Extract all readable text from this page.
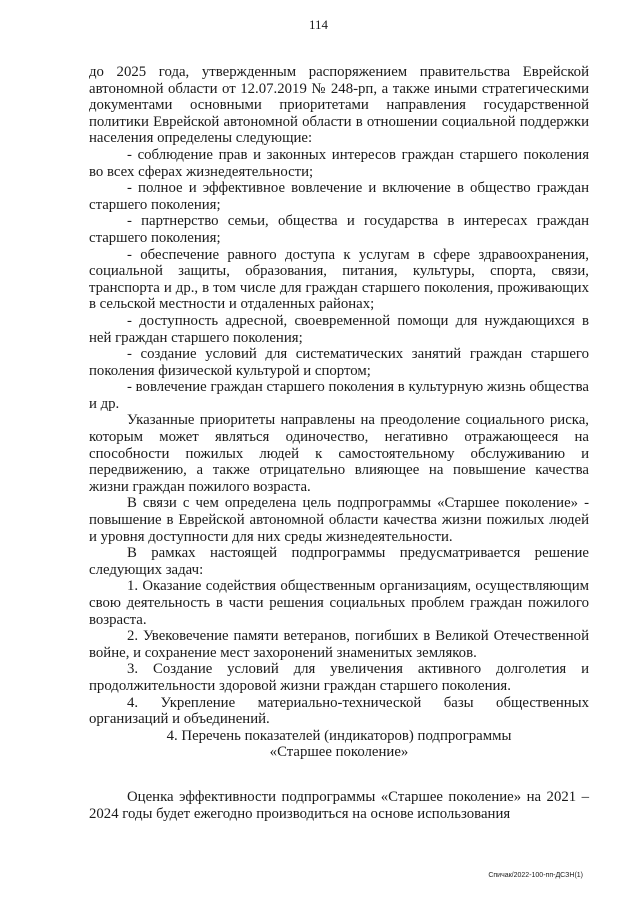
114

до 2025 года, утвержденным распоряжением правительства Еврейской автономной области от 12.07.2019 № 248-рп, а также иными стратегическими документами основными приоритетами направления государственной политики Еврейской автономной области в отношении социальной поддержки населения определены следующие:

- соблюдение прав и законных интересов граждан старшего поколения во всех сферах жизнедеятельности;

- полное и эффективное вовлечение и включение в общество граждан старшего поколения;

- партнерство семьи, общества и государства в интересах граждан старшего поколения;

- обеспечение равного доступа к услугам в сфере здравоохранения, социальной защиты, образования, питания, культуры, спорта, связи, транспорта и др., в том числе для граждан старшего поколения, проживающих в сельской местности и отдаленных районах;

- доступность адресной, своевременной помощи для нуждающихся в ней граждан старшего поколения;

- создание условий для систематических занятий граждан старшего поколения физической культурой и спортом;

- вовлечение граждан старшего поколения в культурную жизнь общества и др.

Указанные приоритеты направлены на преодоление социального риска, которым может являться одиночество, негативно отражающееся на способности пожилых людей к самостоятельному обслуживанию и передвижению, а также отрицательно влияющее на повышение качества жизни граждан пожилого возраста.

В связи с чем определена цель подпрограммы «Старшее поколение» - повышение в Еврейской автономной области качества жизни пожилых людей и уровня доступности для них среды жизнедеятельности.

В рамках настоящей подпрограммы предусматривается решение следующих задач:

1. Оказание содействия общественным организациям, осуществляющим свою деятельность в части решения социальных проблем граждан пожилого возраста.

2. Увековечение памяти ветеранов, погибших в Великой Отечественной войне, и сохранение мест захоронений знаменитых земляков.

3. Создание условий для увеличения активного долголетия и продолжительности здоровой жизни граждан старшего поколения.

4. Укрепление материально-технической базы общественных организаций и объединений.

4. Перечень показателей (индикаторов) подпрограммы

«Старшее поколение»

Оценка эффективности подпрограммы «Старшее поколение» на 2021 – 2024 годы будет ежегодно производиться на основе использования

Спичак/2022-100-пп-ДСЗН(1)
